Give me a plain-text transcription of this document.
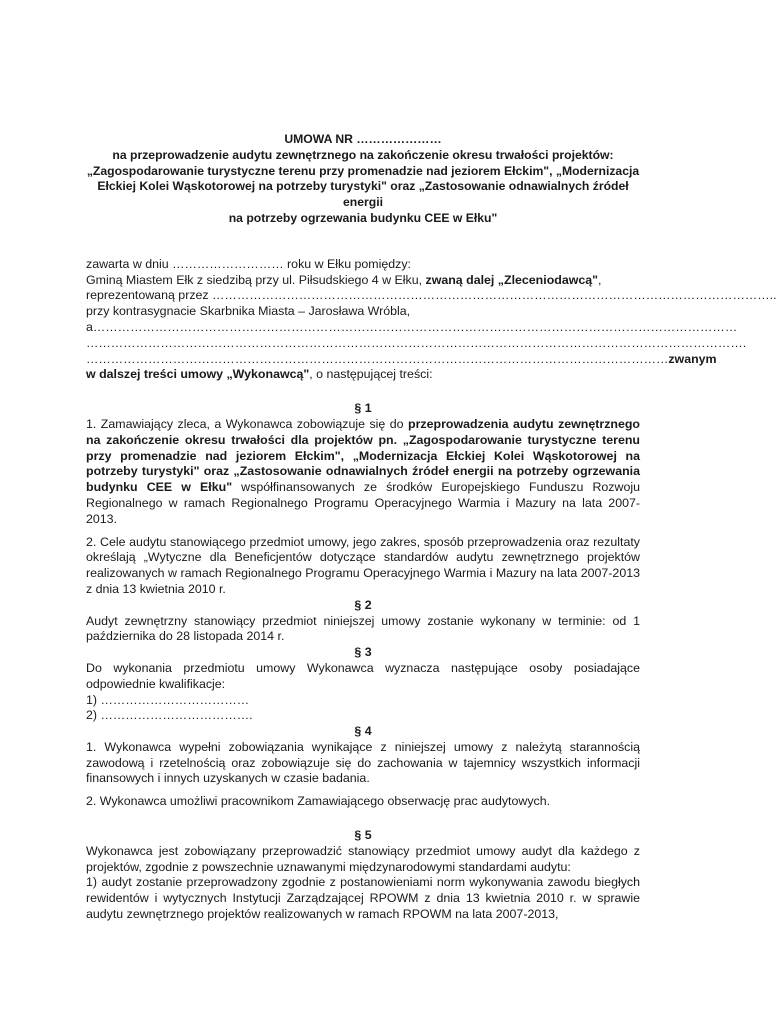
UMOWA NR …………………
na przeprowadzenie audytu zewnętrznego na zakończenie okresu trwałości projektów:
„Zagospodarowanie turystyczne terenu przy promenadzie nad jeziorem Ełckim", „Modernizacja
Ełckiej Kolei Wąskotorowej na potrzeby turystyki" oraz „Zastosowanie odnawialnych źródeł energii
na potrzeby ogrzewania budynku CEE w Ełku"

zawarta w dniu ……………………… roku w Ełku pomiędzy:

Gminą Miastem Ełk z siedzibą przy ul. Piłsudskiego 4 w Ełku, zwaną dalej „Zleceniodawcą",

reprezentowaną przez ………………………………………………………………………………………………………………………..

przy kontrasygnacie Skarbnika Miasta – Jarosława Wróbla,

a…………………………………………………………………………………………………………………………………………

…………………………………………………………………………………………………………………………………………….

……………………………………………………………………………………………………………………………zwanym

w dalszej treści umowy „Wykonawcą", o następującej treści:

§ 1

1. Zamawiający zleca, a Wykonawca zobowiązuje się do przeprowadzenia audytu zewnętrznego na zakończenie okresu trwałości dla projektów pn. „Zagospodarowanie turystyczne terenu przy promenadzie nad jeziorem Ełckim", „Modernizacja Ełckiej Kolei Wąskotorowej na potrzeby turystyki" oraz „Zastosowanie odnawialnych źródeł energii na potrzeby ogrzewania budynku CEE w Ełku" współfinansowanych ze środków Europejskiego Funduszu Rozwoju Regionalnego w ramach Regionalnego Programu Operacyjnego Warmia i Mazury na lata 2007-2013.

2. Cele audytu stanowiącego przedmiot umowy, jego zakres, sposób przeprowadzenia oraz rezultaty określają „Wytyczne dla Beneficjentów dotyczące standardów audytu zewnętrznego projektów realizowanych w ramach Regionalnego Programu Operacyjnego Warmia i Mazury na lata 2007-2013 z dnia 13 kwietnia 2010 r.

§ 2

Audyt zewnętrzny stanowiący przedmiot niniejszej umowy zostanie wykonany w terminie: od 1 października do 28 listopada 2014 r.

§ 3

Do wykonania przedmiotu umowy Wykonawca wyznacza następujące osoby posiadające odpowiednie kwalifikacje:

1) ………………………………

2) ……………………………….

§ 4

1. Wykonawca wypełni zobowiązania wynikające z niniejszej umowy z należytą starannością zawodową i rzetelnością oraz zobowiązuje się do zachowania w tajemnicy wszystkich informacji finansowych i innych uzyskanych w czasie badania.

2. Wykonawca umożliwi pracownikom Zamawiającego obserwację prac audytowych.

§ 5

Wykonawca jest zobowiązany przeprowadzić stanowiący przedmiot umowy audyt dla każdego z projektów, zgodnie z powszechnie uznawanymi międzynarodowymi standardami audytu:

1) audyt zostanie przeprowadzony zgodnie z postanowieniami norm wykonywania zawodu biegłych rewidentów i wytycznych Instytucji Zarządzającej RPOWM z dnia 13 kwietnia 2010 r. w sprawie audytu zewnętrznego projektów realizowanych w ramach RPOWM na lata 2007-2013,
